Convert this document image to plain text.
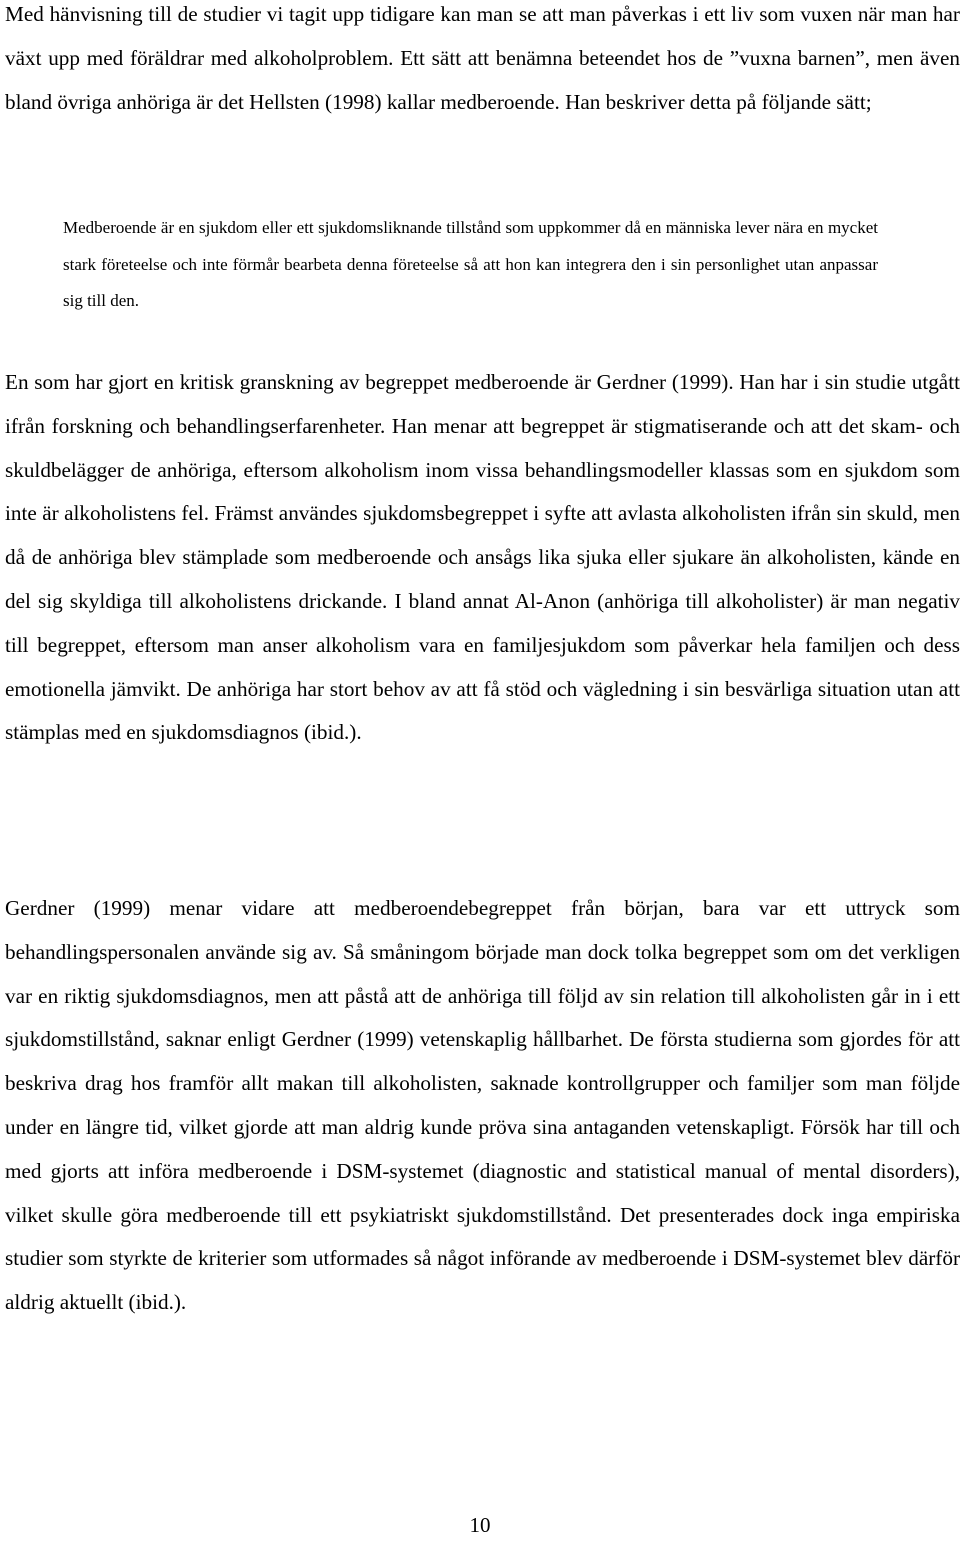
Med hänvisning till de studier vi tagit upp tidigare kan man se att man påverkas i ett liv som vuxen när man har växt upp med föräldrar med alkoholproblem. Ett sätt att benämna beteendet hos de ”vuxna barnen”, men även bland övriga anhöriga är det Hellsten (1998) kallar medberoende. Han beskriver detta på följande sätt;

Medberoende är en sjukdom eller ett sjukdomsliknande tillstånd som uppkommer då en människa lever nära en mycket stark företeelse och inte förmår bearbeta denna företeelse så att hon kan integrera den i sin personlighet utan anpassar sig till den.

En som har gjort en kritisk granskning av begreppet medberoende är Gerdner (1999). Han har i sin studie utgått ifrån forskning och behandlingserfarenheter. Han menar att begreppet är stigmatiserande och att det skam- och skuldbelägger de anhöriga, eftersom alkoholism inom vissa behandlingsmodeller klassas som en sjukdom som inte är alkoholistens fel. Främst användes sjukdomsbegreppet i syfte att avlasta alkoholisten ifrån sin skuld, men då de anhöriga blev stämplade som medberoende och ansågs lika sjuka eller sjukare än alkoholisten, kände en del sig skyldiga till alkoholistens drickande. I bland annat Al-Anon (anhöriga till alkoholister) är man negativ till begreppet, eftersom man anser alkoholism vara en familjesjukdom som påverkar hela familjen och dess emotionella jämvikt. De anhöriga har stort behov av att få stöd och vägledning i sin besvärliga situation utan att stämplas med en sjukdomsdiagnos (ibid.).

Gerdner (1999) menar vidare att medberoendebegreppet från början, bara var ett uttryck som behandlingspersonalen använde sig av. Så småningom började man dock tolka begreppet som om det verkligen var en riktig sjukdomsdiagnos, men att påstå att de anhöriga till följd av sin relation till alkoholisten går in i ett sjukdomstillstånd, saknar enligt Gerdner (1999) vetenskaplig hållbarhet. De första studierna som gjordes för att beskriva drag hos framför allt makan till alkoholisten, saknade kontrollgrupper och familjer som man följde under en längre tid, vilket gjorde att man aldrig kunde pröva sina antaganden vetenskapligt. Försök har till och med gjorts att införa medberoende i DSM-systemet (diagnostic and statistical manual of mental disorders), vilket skulle göra medberoende till ett psykiatriskt sjukdomstillstånd. Det presenterades dock inga empiriska studier som styrkte de kriterier som utformades så något införande av medberoende i DSM-systemet blev därför aldrig aktuellt (ibid.).

10
